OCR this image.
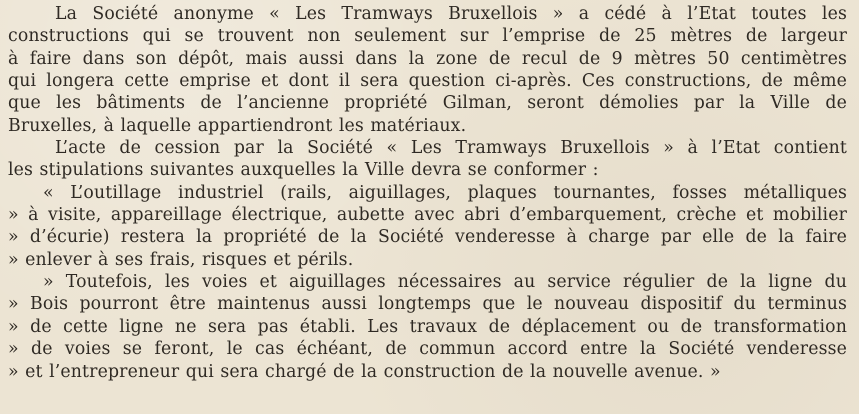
La Société anonyme « Les Tramways Bruxellois » a cédé à l’Etat toutes les
constructions qui se trouvent non seulement sur l’emprise de 25 mètres de largeur
à faire dans son dépôt, mais aussi dans la zone de recul de 9 mètres 50 centimètres
qui longera cette emprise et dont il sera question ci-après. Ces constructions, de même
que les bâtiments de l’ancienne propriété Gilman, seront démolies par la Ville de
Bruxelles, à laquelle appartiendront les matériaux.
L’acte de cession par la Société « Les Tramways Bruxellois » à l’Etat contient
les stipulations suivantes auxquelles la Ville devra se conformer :
« L’outillage industriel (rails, aiguillages, plaques tournantes, fosses métalliques
» à visite, appareillage électrique, aubette avec abri d’embarquement, crèche et mobilier
» d’écurie) restera la propriété de la Société venderesse à charge par elle de la faire
» enlever à ses frais, risques et périls.
» Toutefois, les voies et aiguillages nécessaires au service régulier de la ligne du
» Bois pourront être maintenus aussi longtemps que le nouveau dispositif du terminus
» de cette ligne ne sera pas établi. Les travaux de déplacement ou de transformation
» de voies se feront, le cas échéant, de commun accord entre la Société venderesse
» et l’entrepreneur qui sera chargé de la construction de la nouvelle avenue. »
